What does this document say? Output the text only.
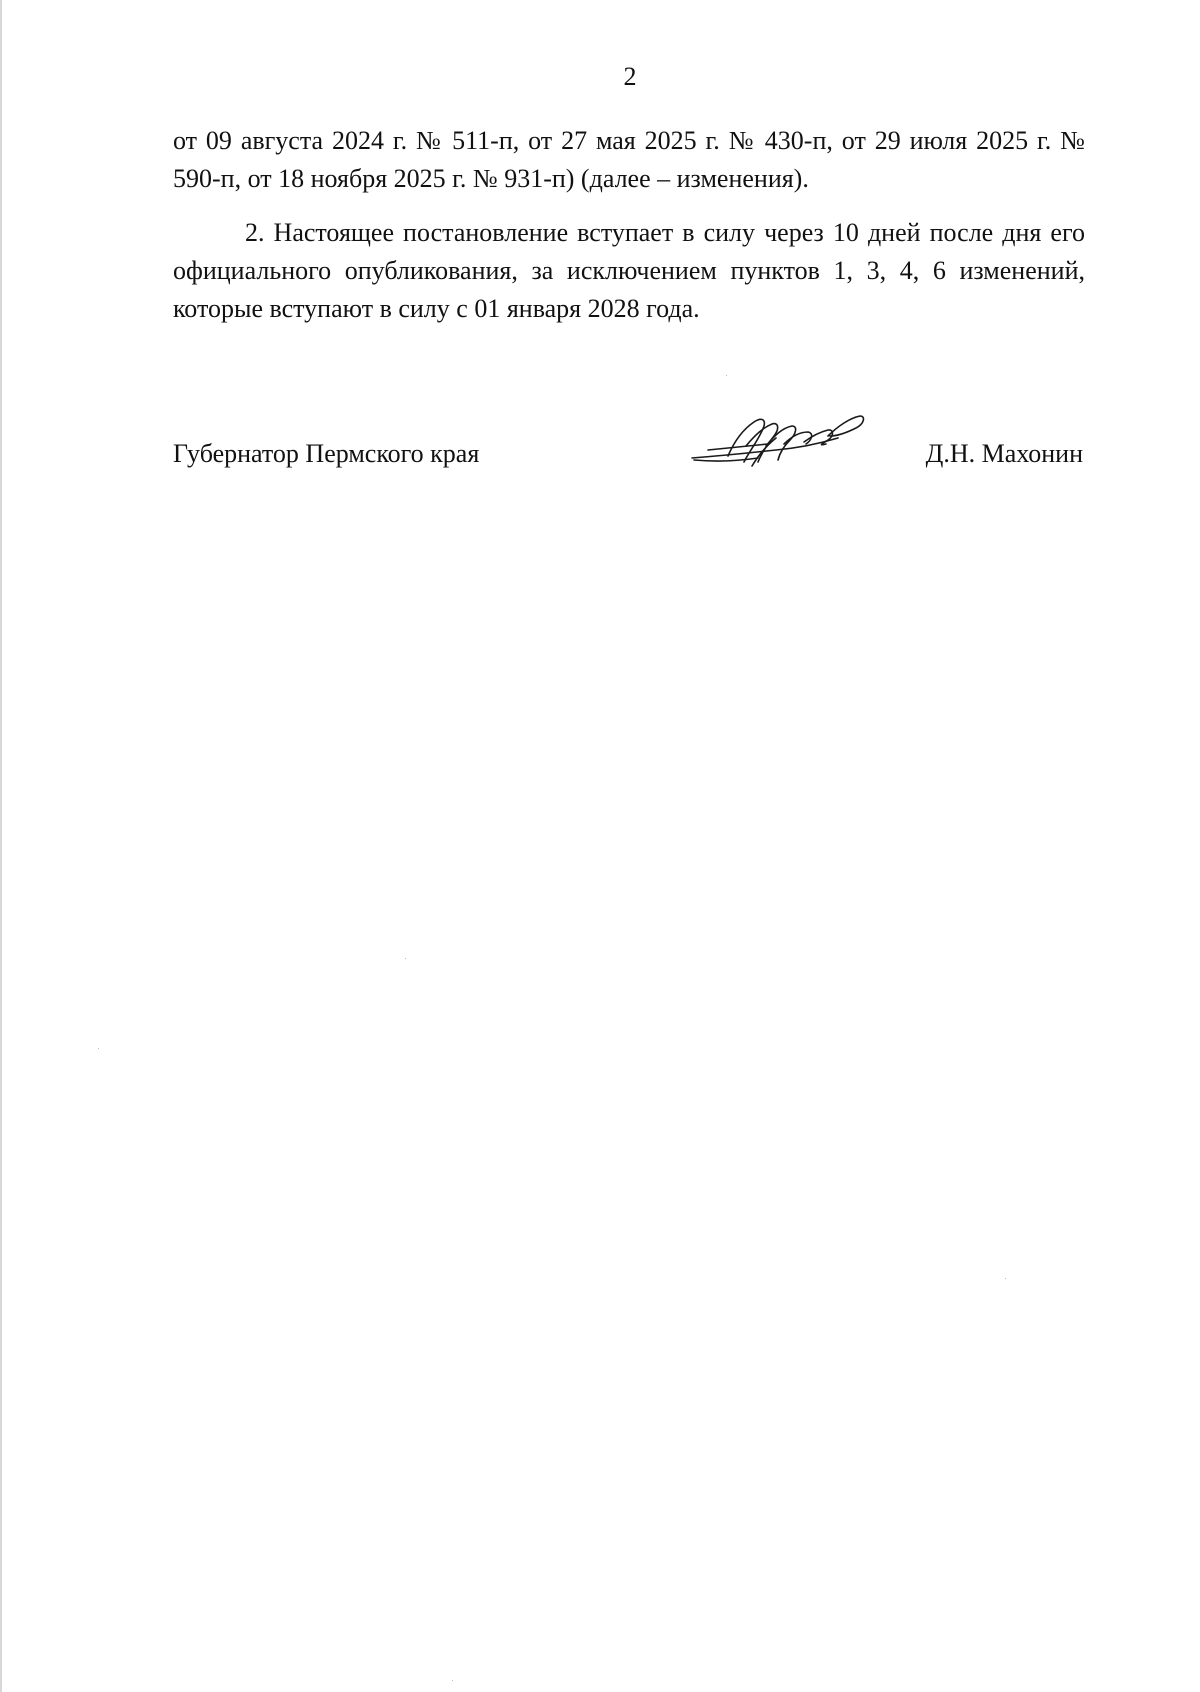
2

от 09 августа 2024 г. № 511-п, от 27 мая 2025 г. № 430-п, от 29 июля 2025 г. № 590-п, от 18 ноября 2025 г. № 931-п) (далее – изменения).

2. Настоящее постановление вступает в силу через 10 дней после дня его официального опубликования, за исключением пунктов 1, 3, 4, 6 изменений, которые вступают в силу с 01 января 2028 года.

Губернатор Пермского края	Д.Н. Махонин
